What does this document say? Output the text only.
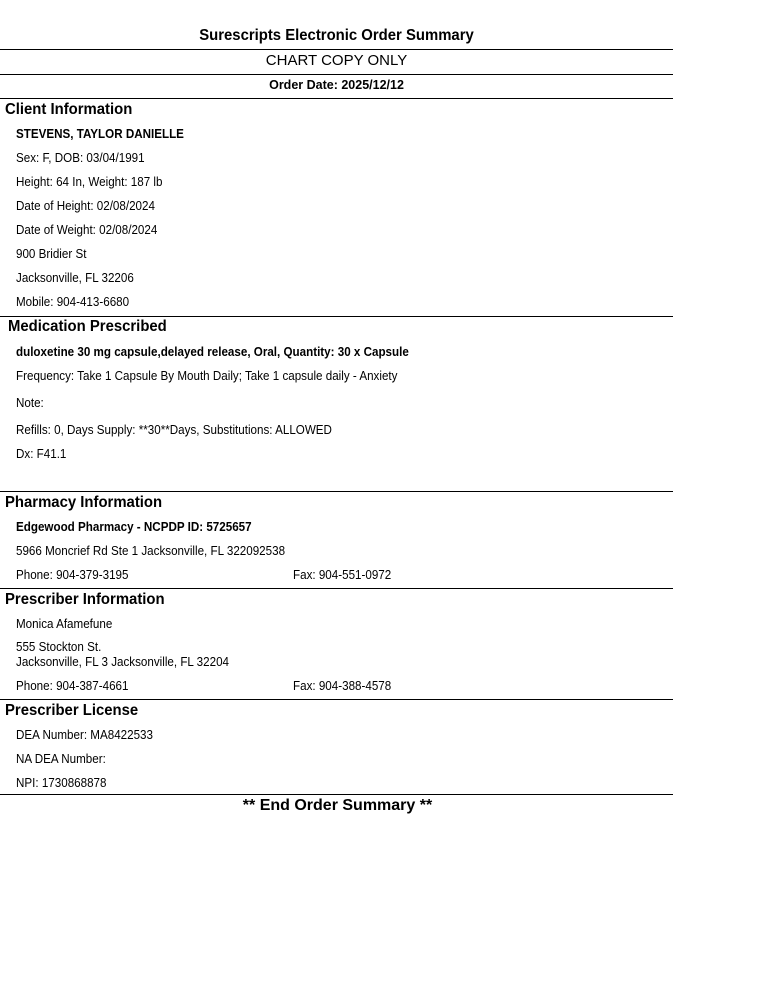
Surescripts Electronic Order Summary
CHART COPY ONLY
Order Date: 2025/12/12
Client Information
STEVENS, TAYLOR DANIELLE
Sex: F, DOB: 03/04/1991
Height: 64 In, Weight: 187 lb
Date of Height: 02/08/2024
Date of Weight: 02/08/2024
900 Bridier St
Jacksonville, FL 32206
Mobile: 904-413-6680
Medication Prescribed
duloxetine 30 mg capsule,delayed release, Oral, Quantity: 30 x Capsule
Frequency: Take 1 Capsule By Mouth Daily; Take 1 capsule daily - Anxiety
Note:
Refills: 0, Days Supply: **30**Days, Substitutions: ALLOWED
Dx: F41.1
Pharmacy Information
Edgewood Pharmacy - NCPDP ID: 5725657
5966 Moncrief Rd Ste 1 Jacksonville, FL 322092538
Phone: 904-379-3195	Fax: 904-551-0972
Prescriber Information
Monica Afamefune
555 Stockton St.
Jacksonville, FL 3 Jacksonville, FL 32204
Phone: 904-387-4661	Fax: 904-388-4578
Prescriber License
DEA Number: MA8422533
NA DEA Number:
NPI: 1730868878
** End Order Summary **
